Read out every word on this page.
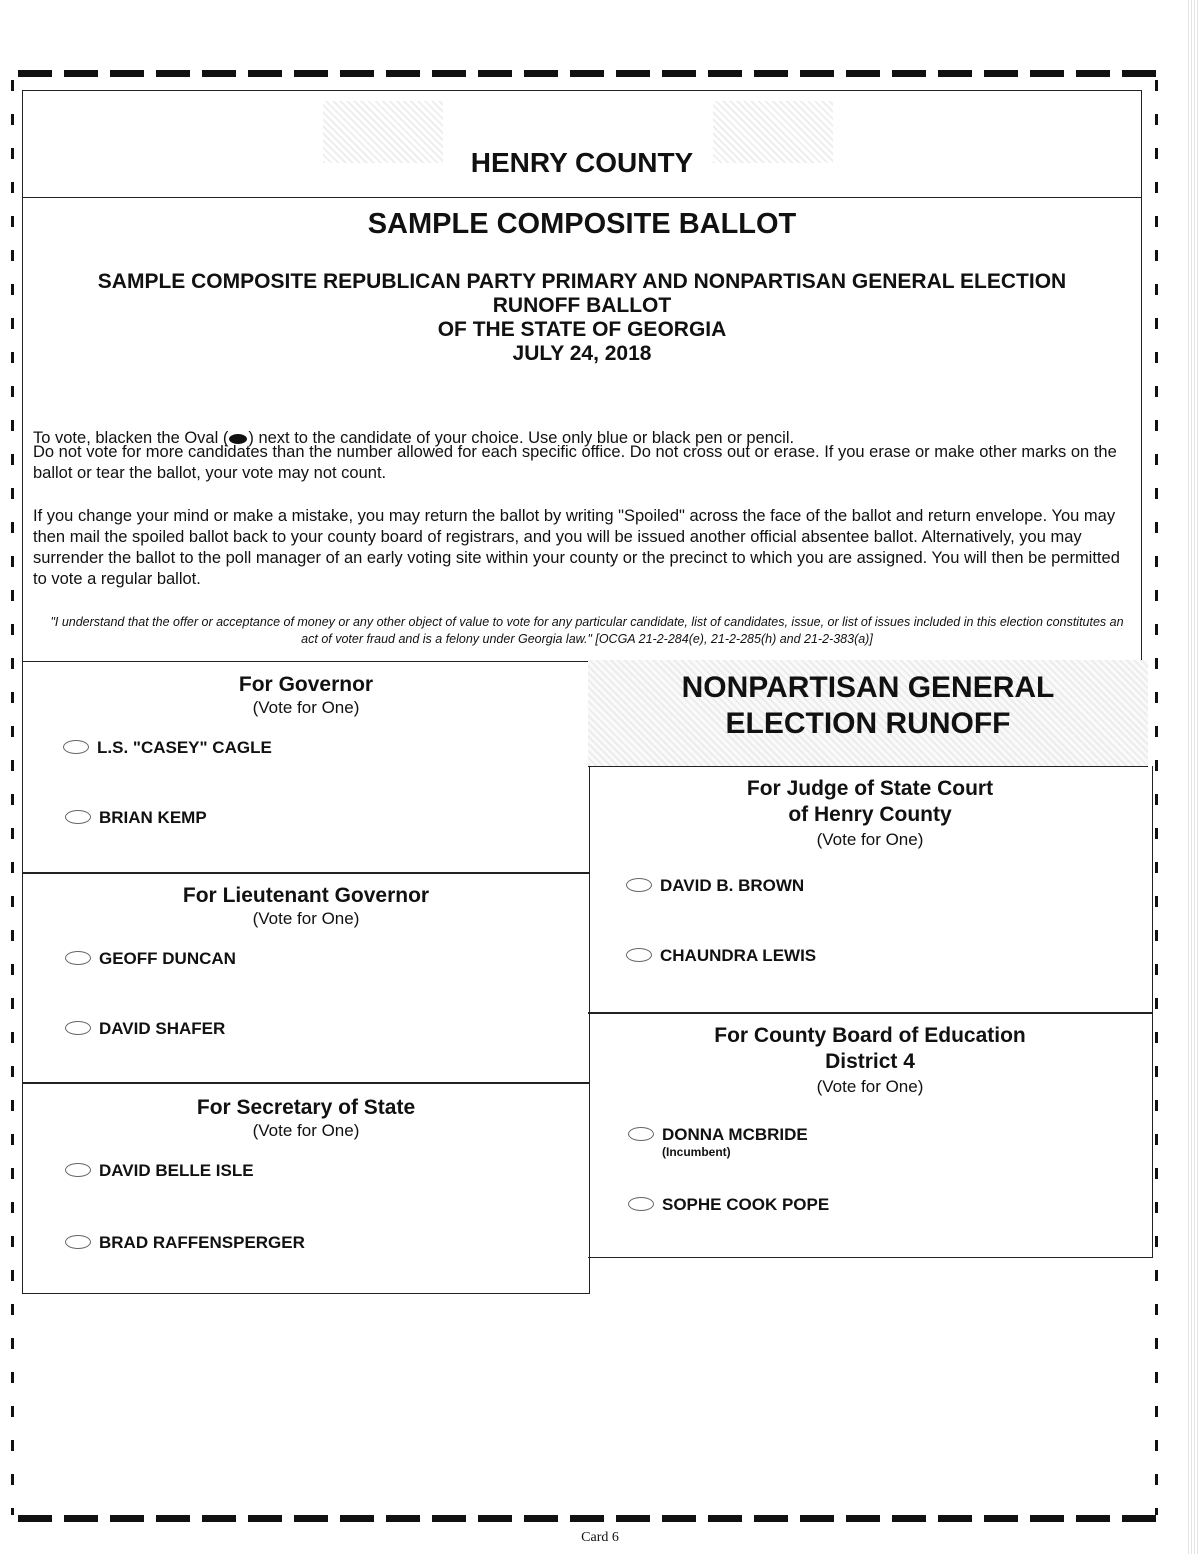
HENRY COUNTY
SAMPLE COMPOSITE BALLOT
SAMPLE COMPOSITE REPUBLICAN PARTY PRIMARY AND NONPARTISAN GENERAL ELECTION
RUNOFF BALLOT
OF THE STATE OF GEORGIA
JULY 24, 2018
To vote, blacken the Oval ( ) next to the candidate of your choice. Use only blue or black pen or pencil.
Do not vote for more candidates than the number allowed for each specific office. Do not cross out or erase. If you erase or make other marks on the ballot or tear the ballot, your vote may not count.
If you change your mind or make a mistake, you may return the ballot by writing "Spoiled" across the face of the ballot and return envelope. You may then mail the spoiled ballot back to your county board of registrars, and you will be issued another official absentee ballot. Alternatively, you may surrender the ballot to the poll manager of an early voting site within your county or the precinct to which you are assigned. You will then be permitted to vote a regular ballot.
"I understand that the offer or acceptance of money or any other object of value to vote for any particular candidate, list of candidates, issue, or list of issues included in this election constitutes an act of voter fraud and is a felony under Georgia law." [OCGA 21-2-284(e), 21-2-285(h) and 21-2-383(a)]
For Governor
(Vote for One)
L.S. "CASEY" CAGLE
BRIAN KEMP
For Lieutenant Governor
(Vote for One)
GEOFF DUNCAN
DAVID SHAFER
For Secretary of State
(Vote for One)
DAVID BELLE ISLE
BRAD RAFFENSPERGER
NONPARTISAN GENERAL
ELECTION RUNOFF
For Judge of State Court
of Henry County
(Vote for One)
DAVID B. BROWN
CHAUNDRA LEWIS
For County Board of Education
District 4
(Vote for One)
DONNA MCBRIDE
(Incumbent)
SOPHE COOK POPE
Card 6
